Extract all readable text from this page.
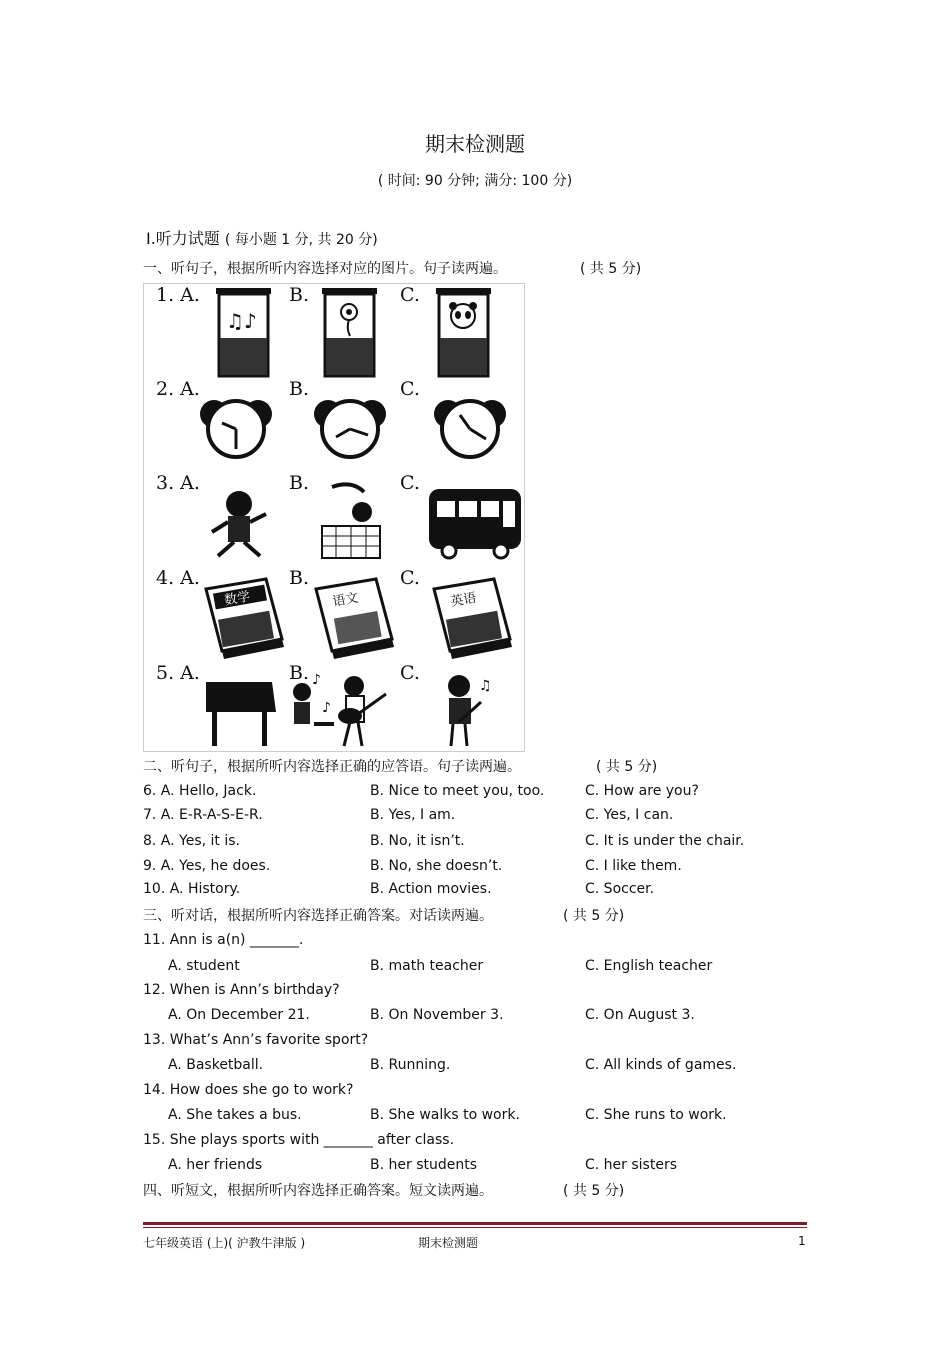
期末检测题
( 时间: 90 分钟; 满分: 100 分)
Ⅰ.听力试题 ( 每小题 1 分, 共 20 分)
一、听句子，根据所听内容选择对应的图片。句子读两遍。	( 共 5 分)
♫♪
数学	语文	英语
♪
♪
♫
1. A.	B.	C.
2. A.	B.	C.
3. A.	B.	C.
4. A.	B.	C.
5. A.	B.	C.
二、听句子，根据所听内容选择正确的应答语。句子读两遍。	( 共 5 分)
6. A. Hello, Jack.	B. Nice to meet you, too.	C. How are you?
7. A. E-R-A-S-E-R.	B. Yes, I am.	C. Yes, I can.
8. A. Yes, it is.	B. No, it isn’t.	C. It is under the chair.
9. A. Yes, he does.	B. No, she doesn’t.	C. I like them.
10. A. History.	B. Action movies.	C. Soccer.
三、听对话，根据所听内容选择正确答案。对话读两遍。	( 共 5 分)
11. Ann is a(n) _______.
A. student	B. math teacher	C. English teacher
12. When is Ann’s birthday?
A. On December 21.	B. On November 3.	C. On August 3.
13. What’s Ann’s favorite sport?
A. Basketball.	B. Running.	C. All kinds of games.
14. How does she go to work?
A. She takes a bus.	B. She walks to work.	C. She runs to work.
15. She plays sports with _______ after class.
A. her friends	B. her students	C. her sisters
四、听短文，根据所听内容选择正确答案。短文读两遍。	( 共 5 分)
七年级英语 (上)( 沪教牛津版 )	期末检测题	1
